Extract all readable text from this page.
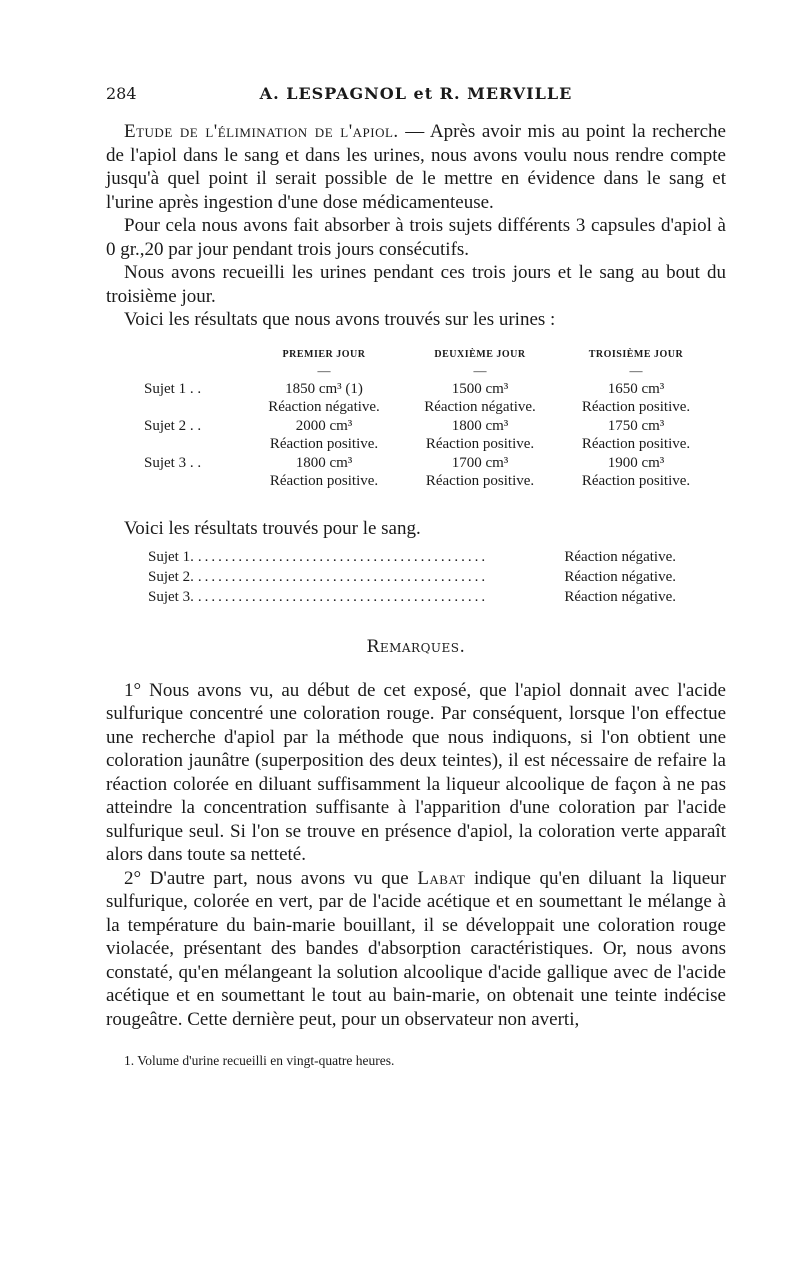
284	A. LESPAGNOL et R. MERVILLE

Etude de l'élimination de l'apiol. — Après avoir mis au point la recherche de l'apiol dans le sang et dans les urines, nous avons voulu nous rendre compte jusqu'à quel point il serait possible de le mettre en évidence dans le sang et l'urine après ingestion d'une dose médicamenteuse.

Pour cela nous avons fait absorber à trois sujets différents 3 capsules d'apiol à 0 gr.,20 par jour pendant trois jours consécutifs.

Nous avons recueilli les urines pendant ces trois jours et le sang au bout du troisième jour.

Voici les résultats que nous avons trouvés sur les urines :

	PREMIER JOUR	DEUXIÈME JOUR	TROISIÈME JOUR
	—	—	—
Sujet 1 . .	1850 cm³ (1)	1500 cm³	1650 cm³
	Réaction négative.	Réaction négative.	Réaction positive.
Sujet 2 . .	2000 cm³	1800 cm³	1750 cm³
	Réaction positive.	Réaction positive.	Réaction positive.
Sujet 3 . .	1800 cm³	1700 cm³	1900 cm³
	Réaction positive.	Réaction positive.	Réaction positive.

Voici les résultats trouvés pour le sang.

Sujet 1. ...........................................	Réaction négative.
Sujet 2. ...........................................	Réaction négative.
Sujet 3. ...........................................	Réaction négative.
Remarques.

1° Nous avons vu, au début de cet exposé, que l'apiol donnait avec l'acide sulfurique concentré une coloration rouge. Par conséquent, lorsque l'on effectue une recherche d'apiol par la méthode que nous indiquons, si l'on obtient une coloration jaunâtre (superposition des deux teintes), il est nécessaire de refaire la réaction colorée en diluant suffisamment la liqueur alcoolique de façon à ne pas atteindre la concentration suffisante à l'apparition d'une coloration par l'acide sulfurique seul. Si l'on se trouve en présence d'apiol, la coloration verte apparaît alors dans toute sa netteté.

2° D'autre part, nous avons vu que Labat indique qu'en diluant la liqueur sulfurique, colorée en vert, par de l'acide acétique et en soumettant le mélange à la température du bain-marie bouillant, il se développait une coloration rouge violacée, présentant des bandes d'absorption caractéristiques. Or, nous avons constaté, qu'en mélangeant la solution alcoolique d'acide gallique avec de l'acide acétique et en soumettant le tout au bain-marie, on obtenait une teinte indécise rougeâtre. Cette dernière peut, pour un observateur non averti,

1. Volume d'urine recueilli en vingt-quatre heures.
